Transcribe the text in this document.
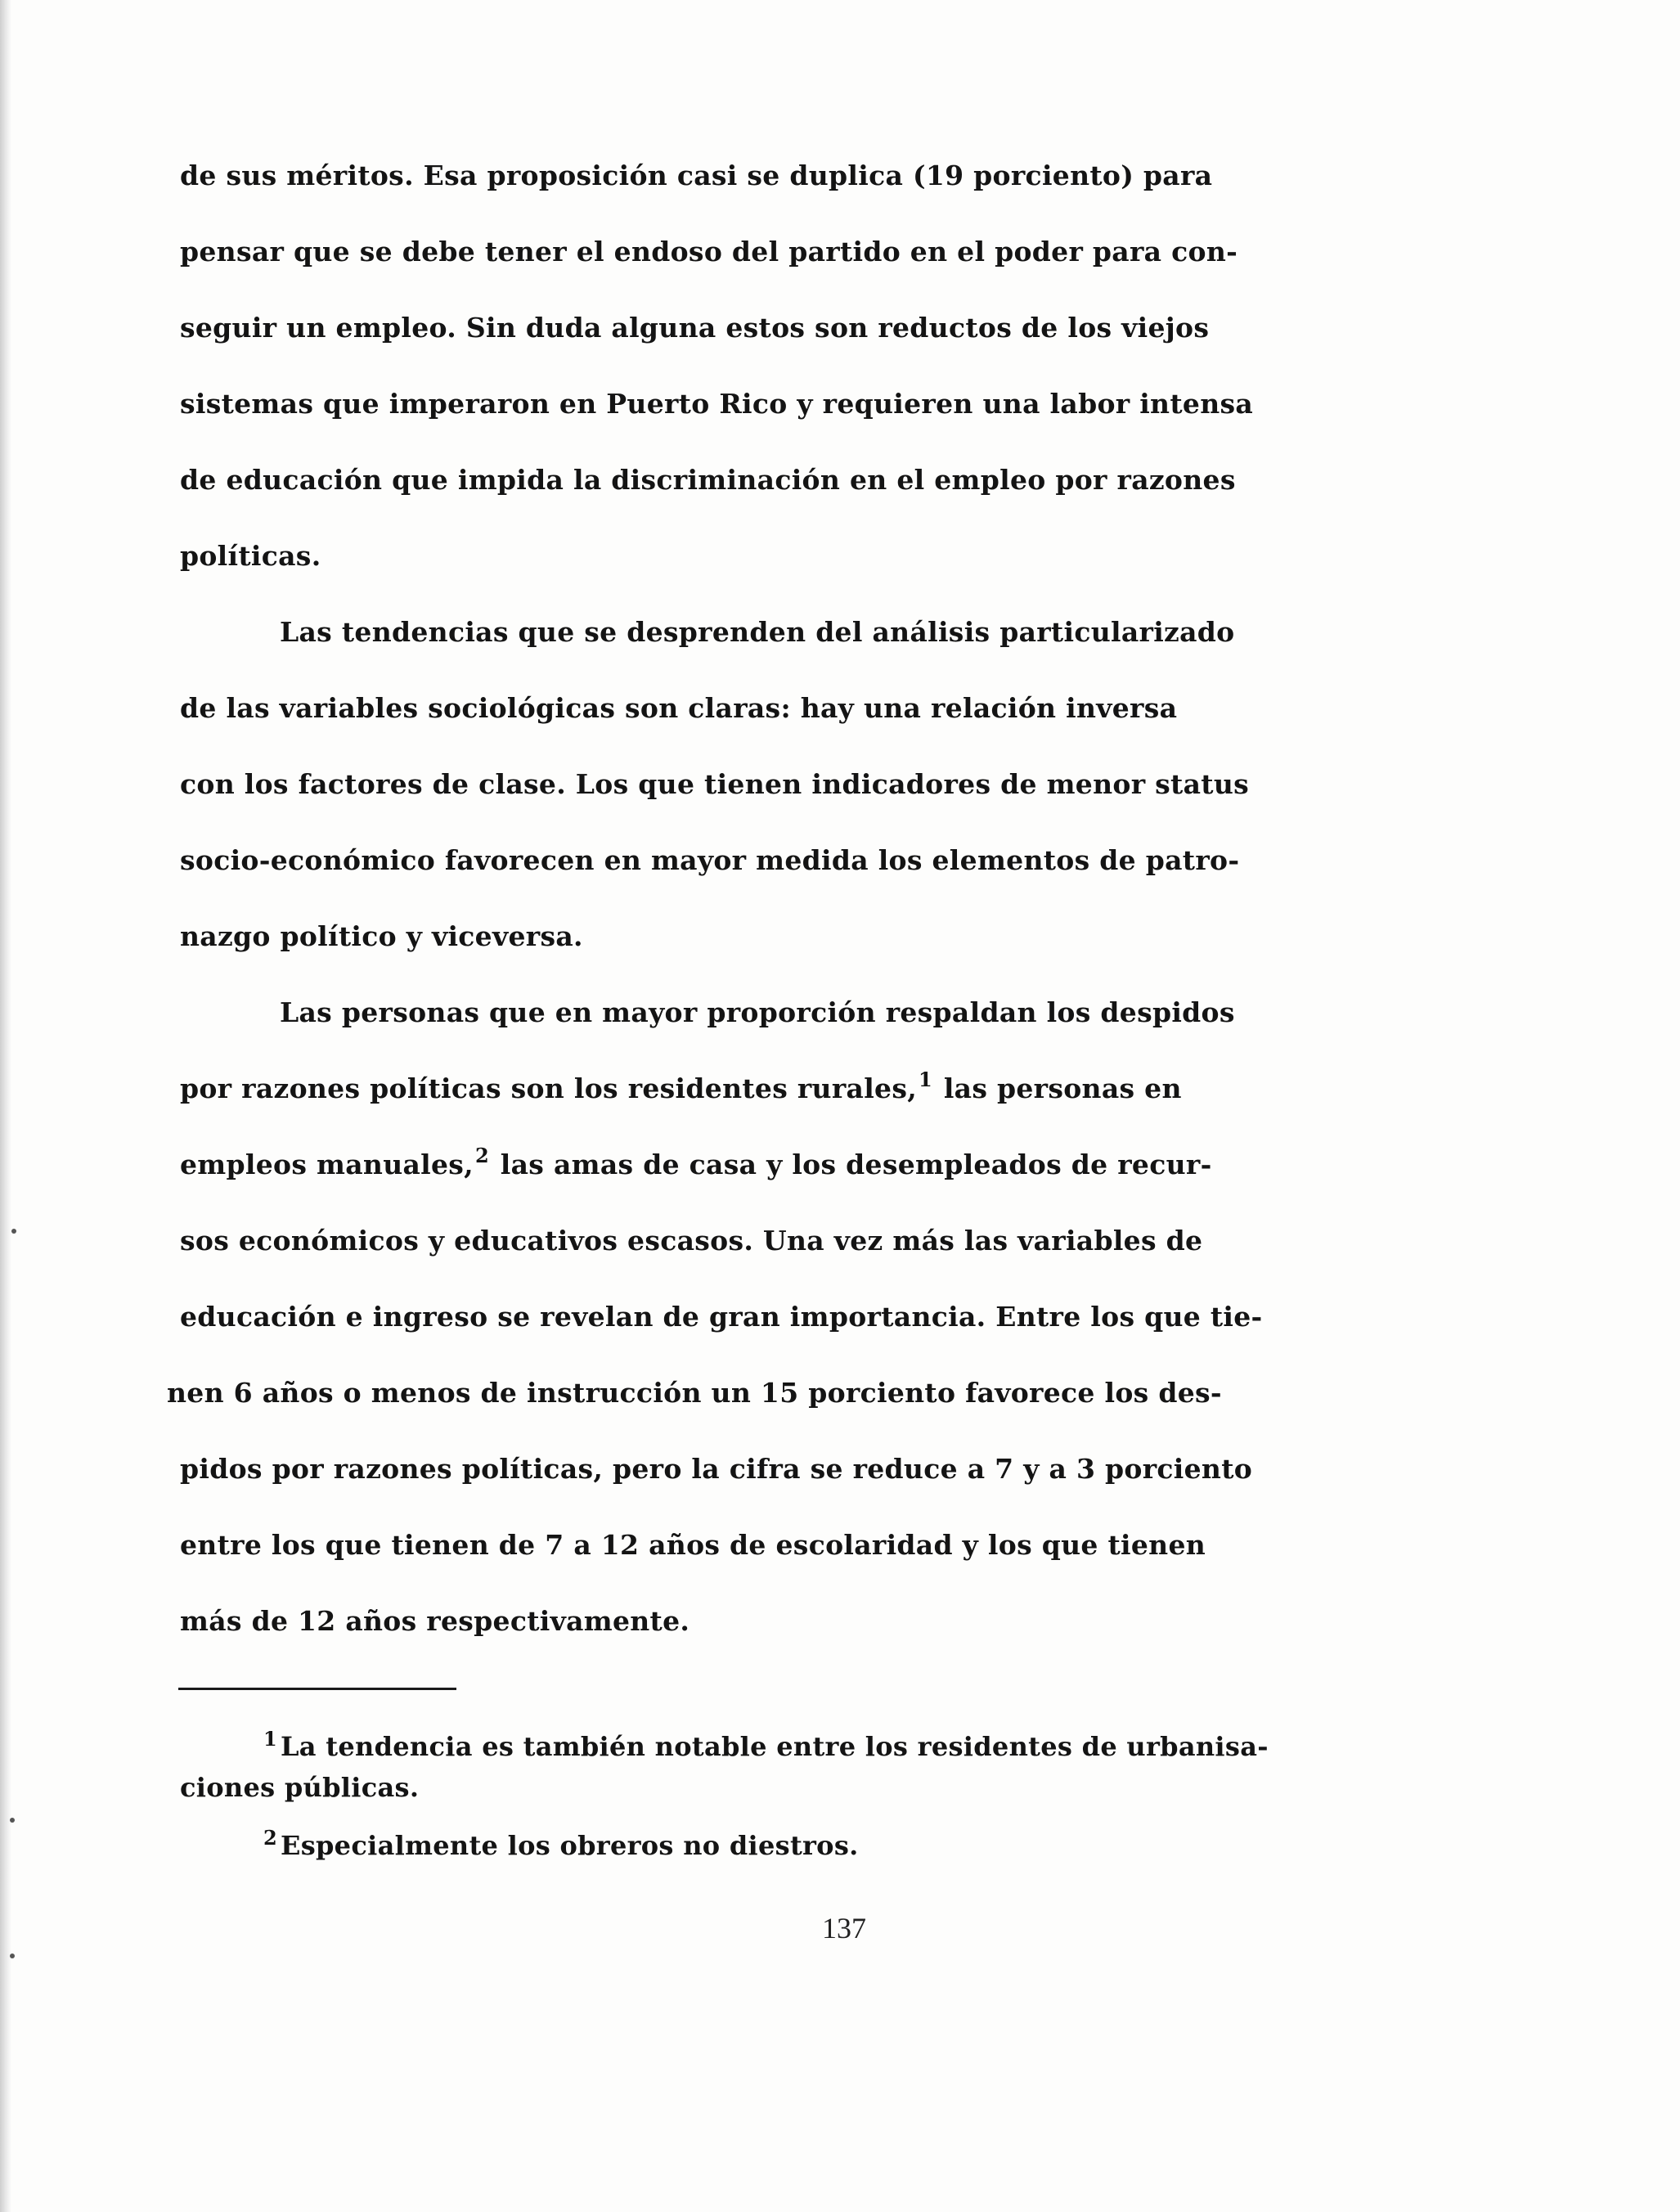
de sus méritos. Esa proposición casi se duplica (19 porciento) para
pensar que se debe tener el endoso del partido en el poder para con-
seguir un empleo. Sin duda alguna estos son reductos de los viejos
sistemas que imperaron en Puerto Rico y requieren una labor intensa
de educación que impida la discriminación en el empleo por razones
políticas.
Las tendencias que se desprenden del análisis particularizado
de las variables sociológicas son claras: hay una relación inversa
con los factores de clase. Los que tienen indicadores de menor status
socio-económico favorecen en mayor medida los elementos de patro-
nazgo político y viceversa.
Las personas que en mayor proporción respaldan los despidos
por razones políticas son los residentes rurales,$^1$ las personas en
empleos manuales,$^2$ las amas de casa y los desempleados de recur-
sos económicos y educativos escasos. Una vez más las variables de
educación e ingreso se revelan de gran importancia. Entre los que tie-
nen 6 años o menos de instrucción un 15 porciento favorece los des-
pidos por razones políticas, pero la cifra se reduce a 7 y a 3 porciento
entre los que tienen de 7 a 12 años de escolaridad y los que tienen
más de 12 años respectivamente.
$^1$ La tendencia es también notable entre los residentes de urbanisa-
ciones públicas.
$^2$ Especialmente los obreros no diestros.
137
